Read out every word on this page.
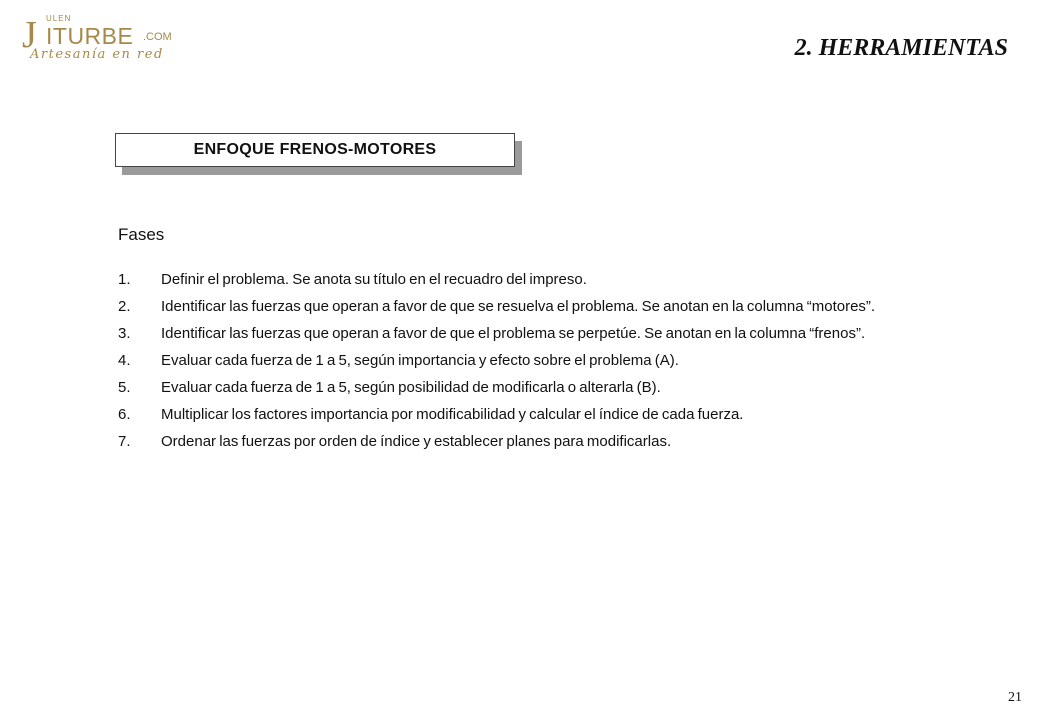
J ULEN
ITURBE .COM
Artesanía en red	2. HERRAMIENTAS
ENFOQUE FRENOS-MOTORES
Fases
1.	Definir el problema. Se anota su título en el recuadro del impreso.
2.	Identificar las fuerzas que operan a favor de que se resuelva el problema. Se anotan en la columna “motores”.
3.	Identificar las fuerzas que operan a favor de que el problema se perpetúe. Se anotan en la columna “frenos”.
4.	Evaluar cada fuerza de 1 a 5, según importancia y efecto sobre el problema (A).
5.	Evaluar cada fuerza de 1 a 5, según posibilidad de modificarla o alterarla (B).
6.	Multiplicar los factores importancia por modificabilidad y calcular el índice de cada fuerza.
7.	Ordenar las fuerzas por orden de índice y establecer planes para modificarlas.
21
